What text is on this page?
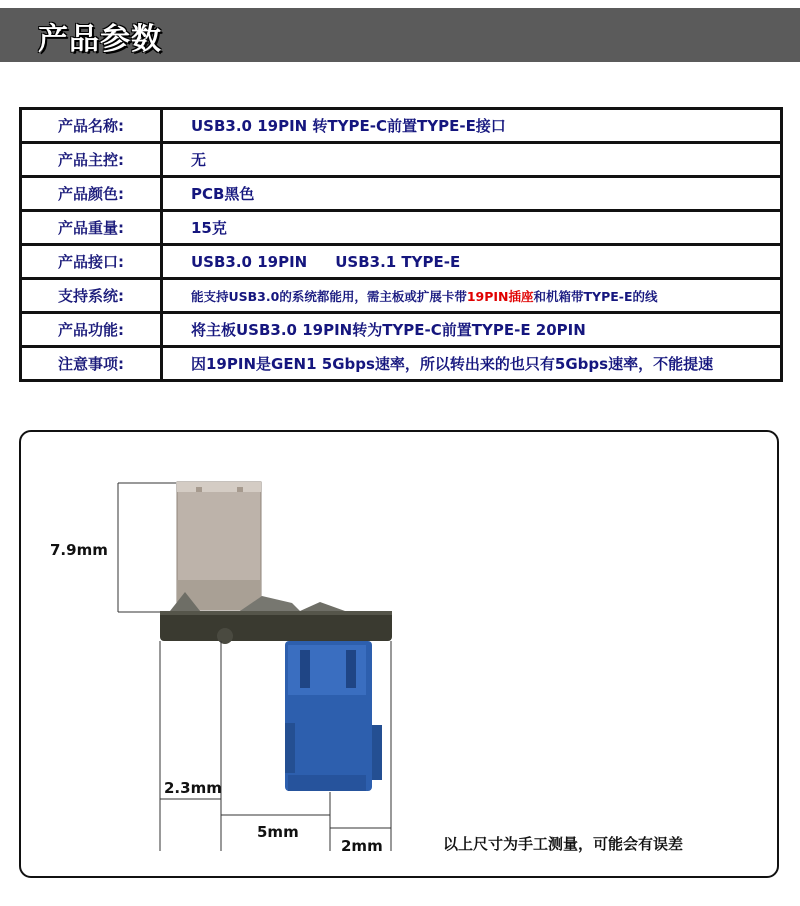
产品参数
产品名称:	USB3.0 19PIN 转TYPE-C前置TYPE-E接口
产品主控:	无
产品颜色:	PCB黑色
产品重量:	15克
产品接口:	USB3.0 19PIN USB3.1 TYPE-E
支持系统:	能支持USB3.0的系统都能用，需主板或扩展卡带19PIN插座和机箱带TYPE-E的线
产品功能:	将主板USB3.0 19PIN转为TYPE-C前置TYPE-E 20PIN
注意事项:	因19PIN是GEN1 5Gbps速率，所以转出来的也只有5Gbps速率，不能提速
7.9mm
2.3mm
5mm
2mm	以上尺寸为手工测量，可能会有误差
